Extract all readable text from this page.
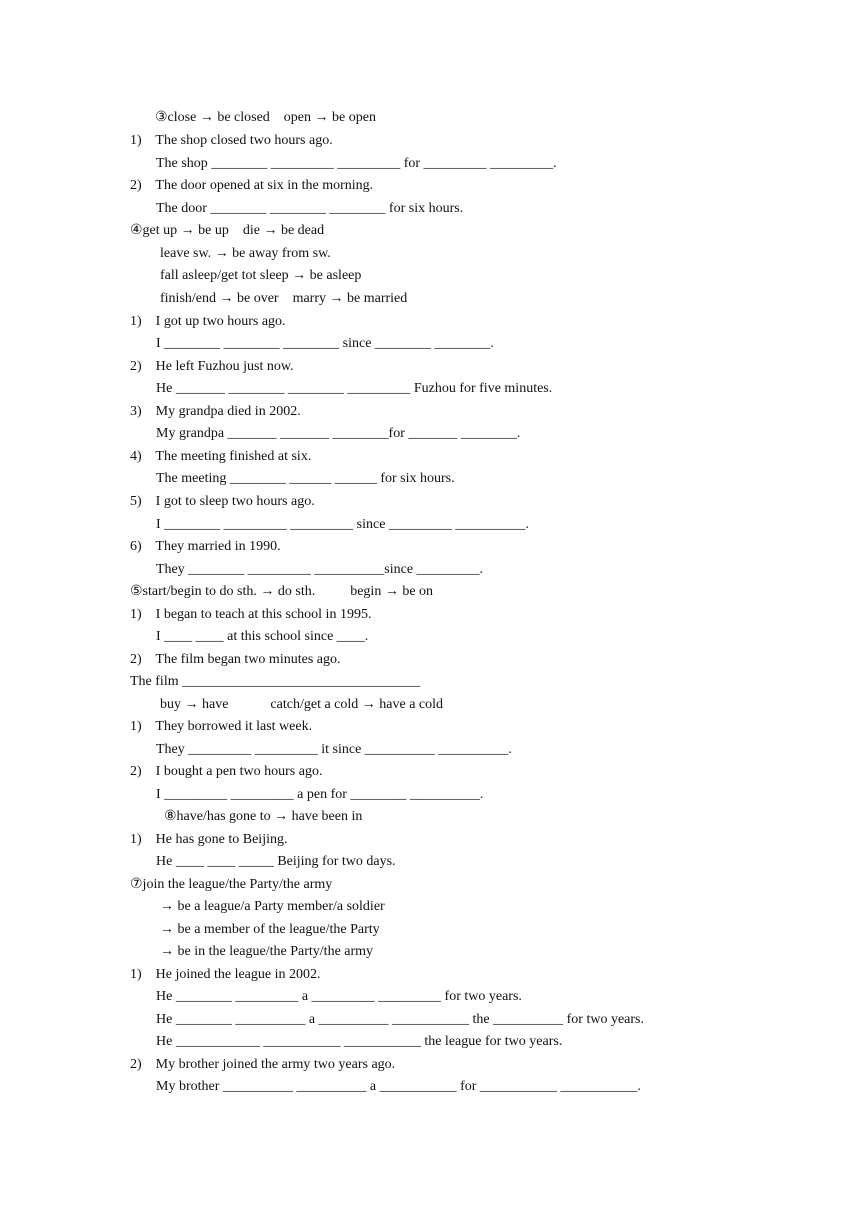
③close → be closed    open → be open
1)    The shop closed two hours ago.
The shop ________ _________ _________ for _________ _________.
2)    The door opened at six in the morning.
The door ________ ________ ________ for six hours.
④get up → be up    die → be dead
leave sw. → be away from sw.
fall asleep/get tot sleep → be asleep
finish/end → be over    marry → be married
1)    I got up two hours ago.
I ________ ________ ________ since ________ ________.
2)    He left Fuzhou just now.
He _______ ________ ________ _________ Fuzhou for five minutes.
3)    My grandpa died in 2002.
My grandpa _______ _______ ________for _______ ________.
4)    The meeting finished at six.
The meeting ________ ______ ______ for six hours.
5)    I got to sleep two hours ago.
I ________ _________ _________ since _________ __________.
6)    They married in 1990.
They ________ _________ __________since _________.
⑤start/begin to do sth. → do sth.          begin → be on
1)    I began to teach at this school in 1995.
I ____ ____ at this school since ____.
2)    The film began two minutes ago.
The film __________________________________
buy → have            catch/get a cold → have a cold
1)    They borrowed it last week.
They _________ _________ it since __________ __________.
2)    I bought a pen two hours ago.
I _________ _________ a pen for ________ __________.
⑧have/has gone to → have been in
1)    He has gone to Beijing.
He ____ ____ _____ Beijing for two days.
⑦join the league/the Party/the army
→ be a league/a Party member/a soldier
→ be a member of the league/the Party
→ be in the league/the Party/the army
1)    He joined the league in 2002.
He ________ _________ a _________ _________ for two years.
He ________ __________ a __________ ___________ the __________ for two years.
He ____________ ___________ ___________ the league for two years.
2)    My brother joined the army two years ago.
My brother __________ __________ a ___________ for ___________ ___________.
